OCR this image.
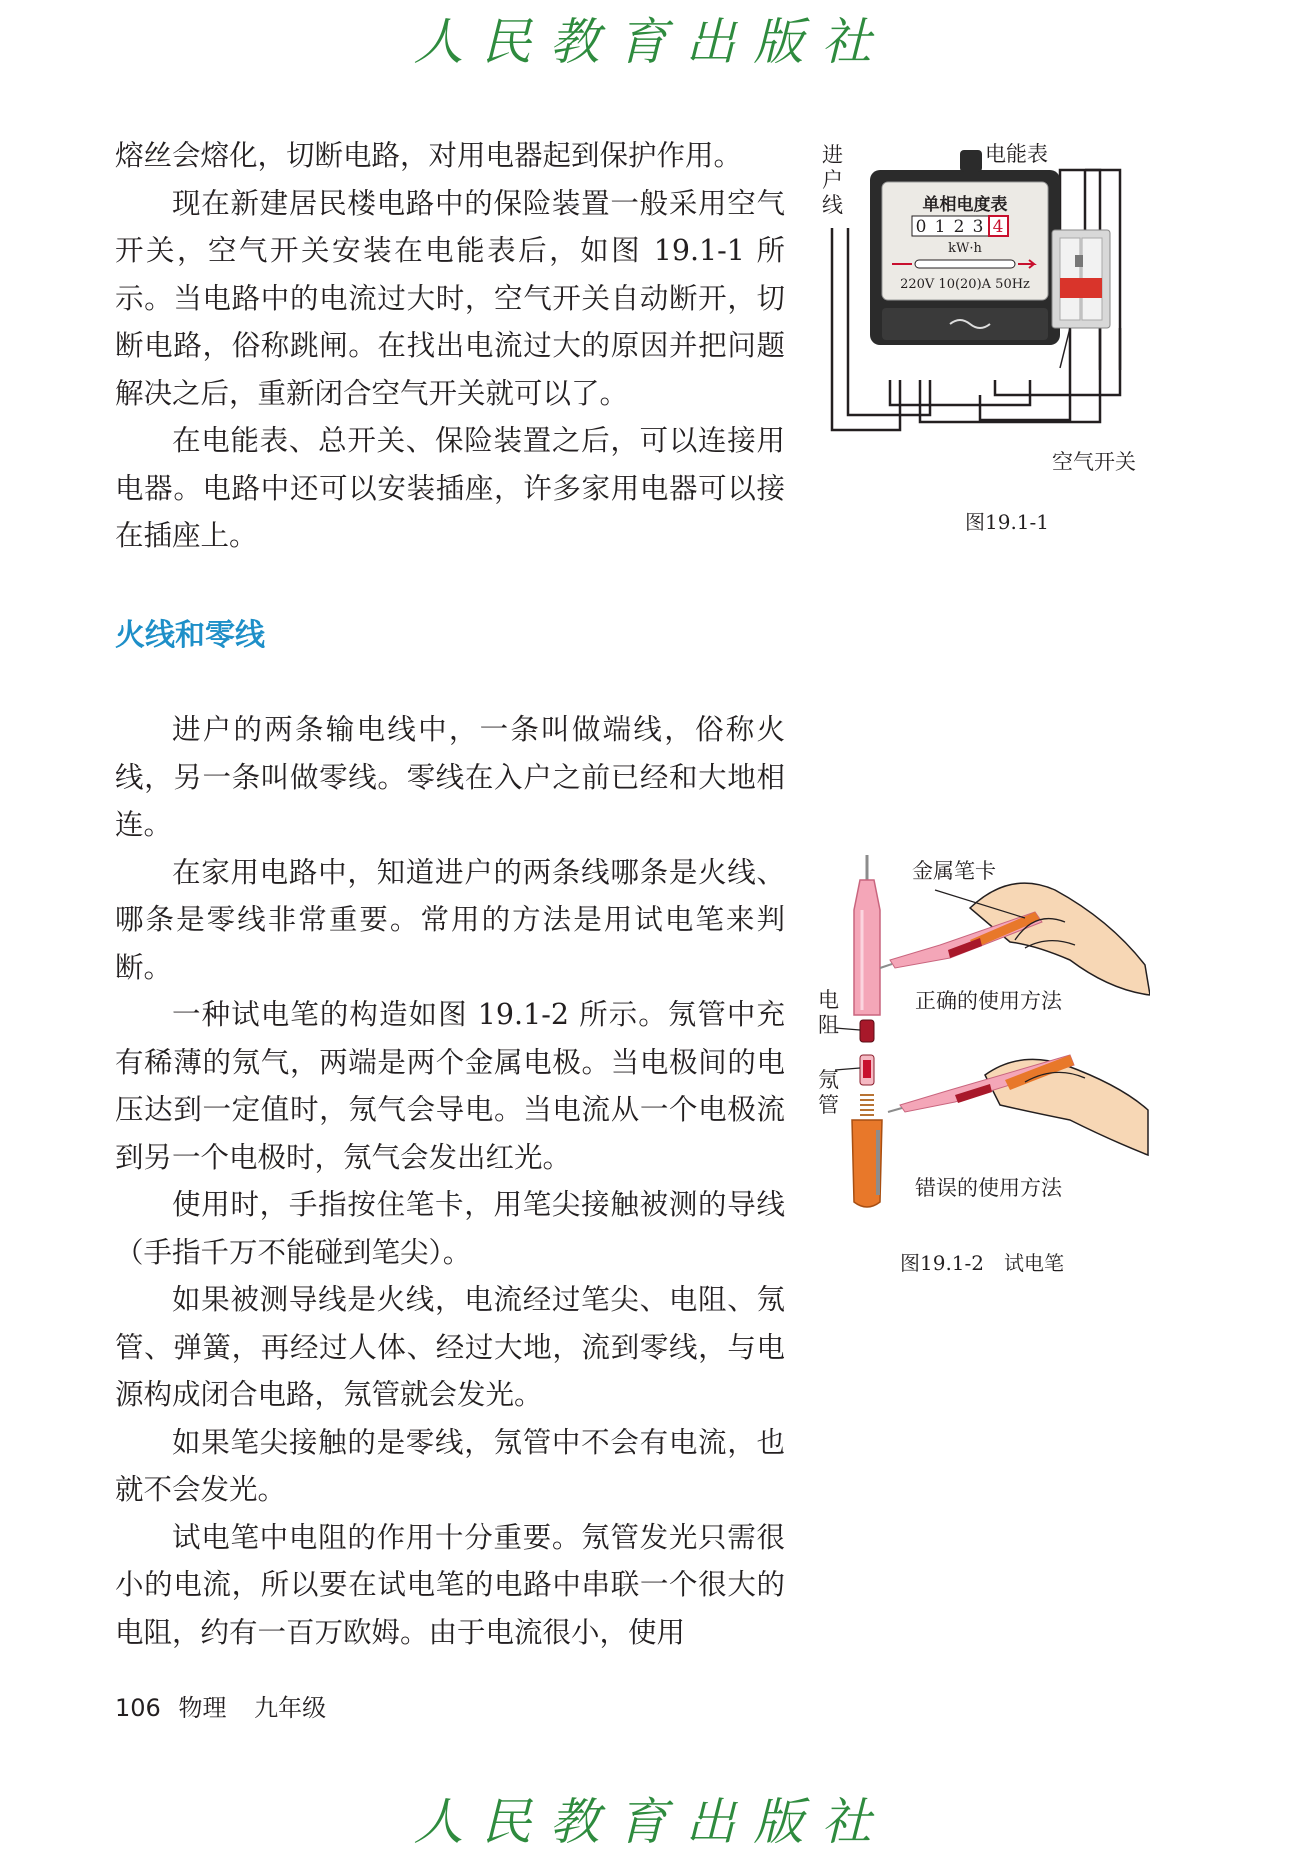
人民教育出版社

熔丝会熔化，切断电路，对用电器起到保护作用。

现在新建居民楼电路中的保险装置一般采用空气开关，空气开关安装在电能表后，如图 19.1-1 所示。当电路中的电流过大时，空气开关自动断开，切断电路，俗称跳闸。在找出电流过大的原因并把问题解决之后，重新闭合空气开关就可以了。

在电能表、总开关、保险装置之后，可以连接用电器。电路中还可以安装插座，许多家用电器可以接在插座上。

单相电度表
0 1 2 3 4
kW·h
220V 10(20)A 50Hz
进户线
电能表
空气开关
图19.1-1
火线和零线

进户的两条输电线中，一条叫做端线，俗称火线，另一条叫做零线。零线在入户之前已经和大地相连。

在家用电路中，知道进户的两条线哪条是火线、哪条是零线非常重要。常用的方法是用试电笔来判断。

一种试电笔的构造如图 19.1-2 所示。氖管中充有稀薄的氖气，两端是两个金属电极。当电极间的电压达到一定值时，氖气会导电。当电流从一个电极流到另一个电极时，氖气会发出红光。

使用时，手指按住笔卡，用笔尖接触被测的导线（手指千万不能碰到笔尖）。

如果被测导线是火线，电流经过笔尖、电阻、氖管、弹簧，再经过人体、经过大地，流到零线，与电源构成闭合电路，氖管就会发光。

如果笔尖接触的是零线，氖管中不会有电流，也就不会发光。

试电笔中电阻的作用十分重要。氖管发光只需很小的电流，所以要在试电笔的电路中串联一个很大的电阻，约有一百万欧姆。由于电流很小，使用

金属笔卡
电阻
氖管
正确的使用方法
错误的使用方法
图19.1-2　试电笔
106 物理 九年级
人民教育出版社
